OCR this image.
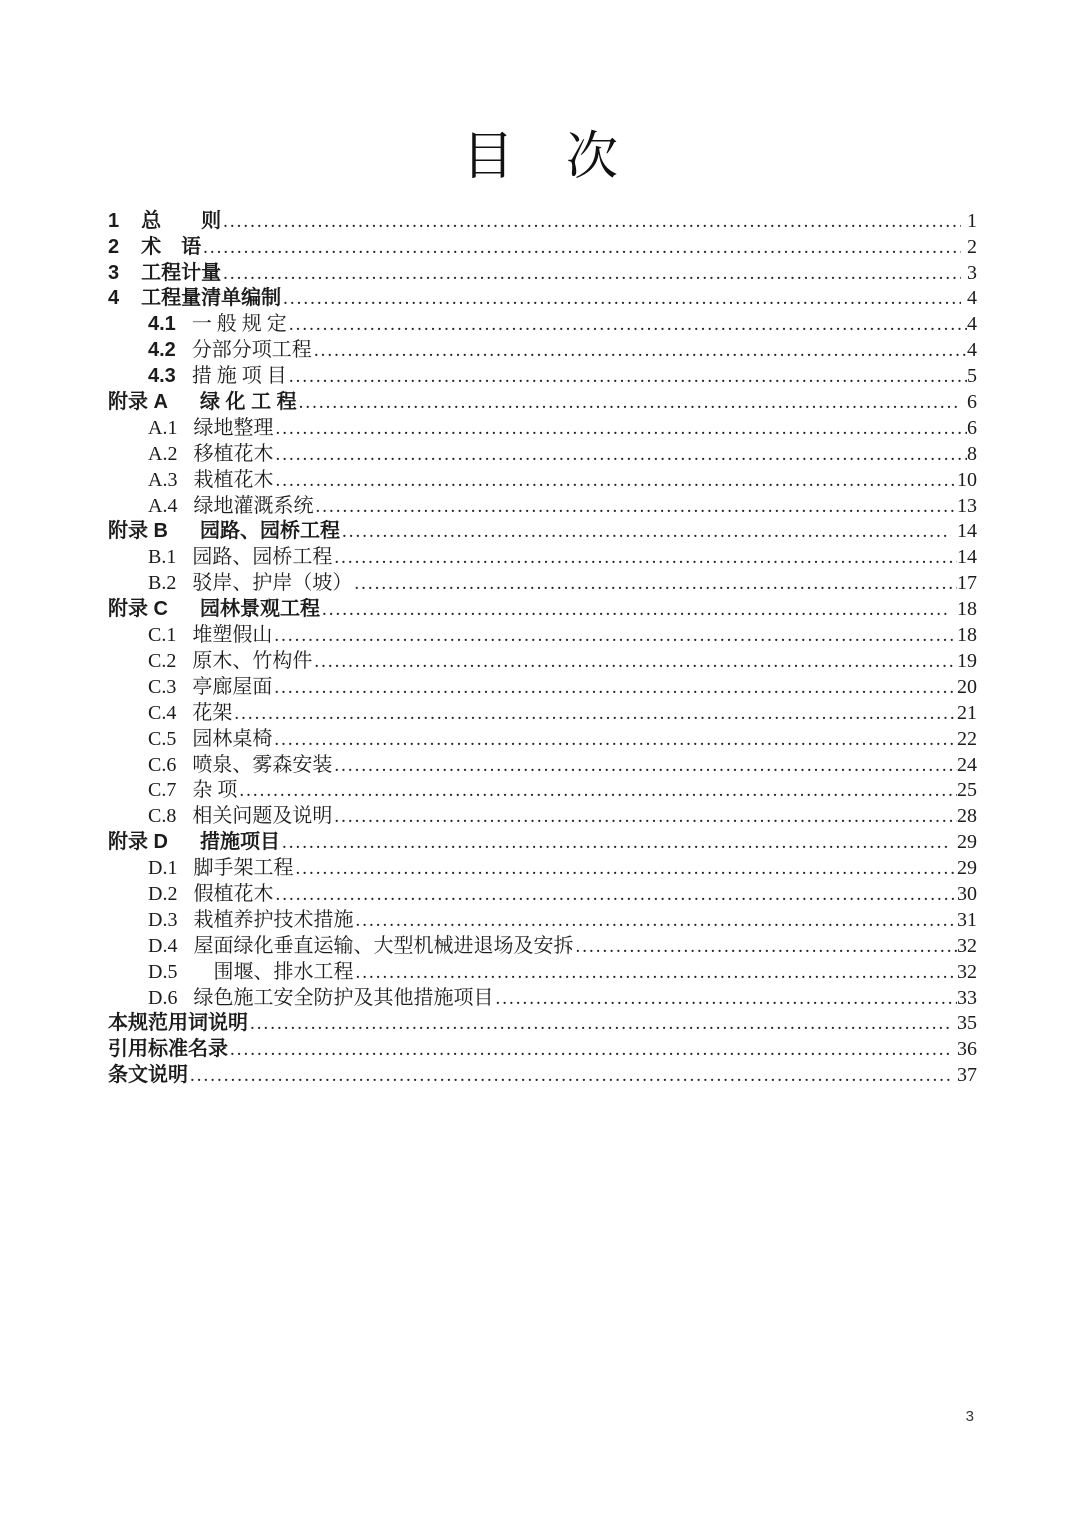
目　次
1 总　　则 .....	1
2 术　语 .....	2
3 工程计量 .....	3
4 工程量清单编制 .....	4
4.1 一 般 规 定 .....	4
4.2 分部分项工程 .....	4
4.3 措 施 项 目 .....	5
附录 A 绿 化 工 程 .....	6
A.1 绿地整理 .....	6
A.2 移植花木 .....	8
A.3 栽植花木 .....	10
A.4 绿地灌溉系统 .....	13
附录 B 园路、园桥工程 .....	14
B.1 园路、园桥工程 .....	14
B.2 驳岸、护岸（坡） .....	17
附录 C 园林景观工程 .....	18
C.1 堆塑假山 .....	18
C.2 原木、竹构件 .....	19
C.3 亭廊屋面 .....	20
C.4 花架 .....	21
C.5 园林桌椅 .....	22
C.6 喷泉、雾森安装 .....	24
C.7 杂 项 .....	25
C.8 相关问题及说明 .....	28
附录 D 措施项目 .....	29
D.1 脚手架工程 .....	29
D.2 假植花木 .....	30
D.3 栽植养护技术措施 .....	31
D.4 屋面绿化垂直运输、大型机械进退场及安拆 .....	32
D.5 　围堰、排水工程 .....	32
D.6 绿色施工安全防护及其他措施项目 .....	33
本规范用词说明 .....	35
引用标准名录 .....	36
条文说明 .....	37
3
